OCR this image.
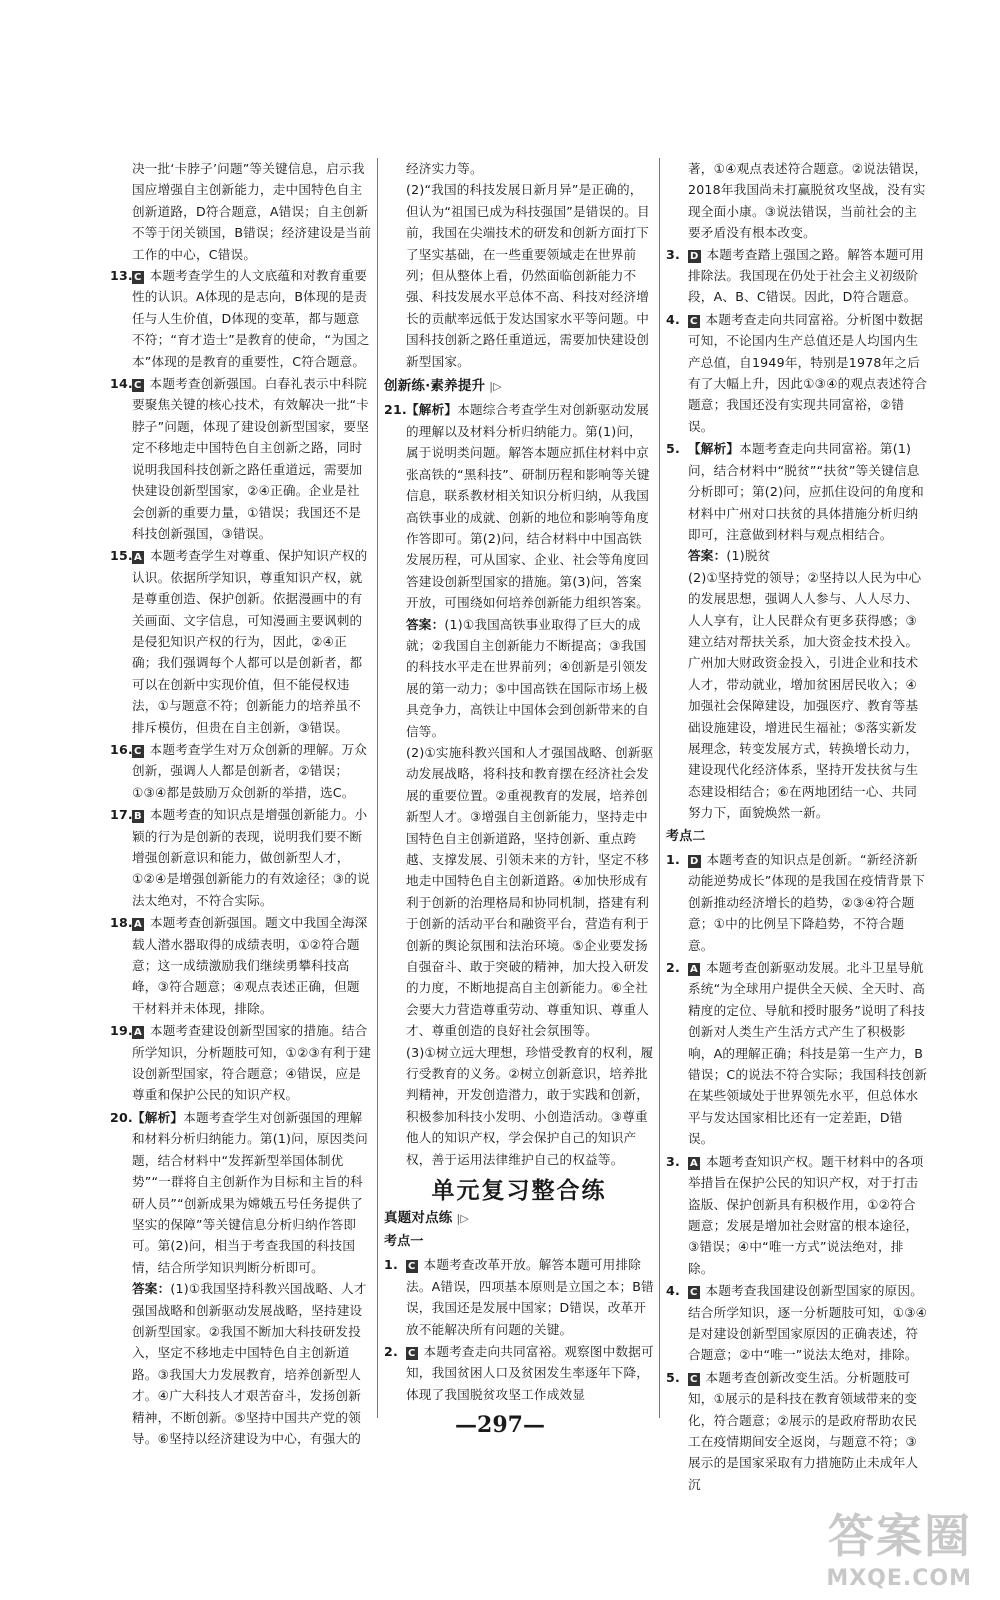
决一批‘卡脖子’问题”等关键信息，启示我国应增强自主创新能力，走中国特色自主创新道路，D符合题意，A错误；自主创新不等于闭关锁国，B错误；经济建设是当前工作的中心，C错误。
13. C 本题考查学生的人文底蕴和对教育重要性的认识。A体现的是志向，B体现的是责任与人生价值，D体现的变革，都与题意不符；“育才造士”是教育的使命，“为国之本”体现的是教育的重要性，C符合题意。
14. C 本题考查创新强国。白春礼表示中科院要聚焦关键的核心技术，有效解决一批“卡脖子”问题，体现了建设创新型国家，要坚定不移地走中国特色自主创新之路，同时说明我国科技创新之路任重道远，需要加快建设创新型国家，②④正确。企业是社会创新的重要力量，①错误；我国还不是科技创新强国，③错误。
15. A 本题考查学生对尊重、保护知识产权的认识。依据所学知识，尊重知识产权，就是尊重创造、保护创新。依据漫画中的有关画面、文字信息，可知漫画主要讽刺的是侵犯知识产权的行为，因此，②④正确；我们强调每个人都可以是创新者，都可以在创新中实现价值，但不能侵权违法，①与题意不符；创新能力的培养虽不排斥模仿，但贵在自主创新，③错误。
16. C 本题考查学生对万众创新的理解。万众创新，强调人人都是创新者，②错误；①③④都是鼓励万众创新的举措，选C。
17. B 本题考查的知识点是增强创新能力。小颖的行为是创新的表现，说明我们要不断增强创新意识和能力，做创新型人才，①②④是增强创新能力的有效途径；③的说法太绝对，不符合实际。
18. A 本题考查创新强国。题文中我国全海深载人潜水器取得的成绩表明，①②符合题意；这一成绩激励我们继续勇攀科技高峰，③符合题意；④观点表述正确，但题干材料并未体现，排除。
19. A 本题考查建设创新型国家的措施。结合所学知识，分析题肢可知，①②③有利于建设创新型国家，符合题意；④错误，应是尊重和保护公民的知识产权。
20. 【解析】本题考查学生对创新强国的理解和材料分析归纳能力。第(1)问，原因类问题，结合材料中“发挥新型举国体制优势”“一群将自主创新作为目标和主旨的科研人员”“创新成果为嫦娥五号任务提供了坚实的保障”等关键信息分析归纳作答即可。第(2)问，相当于考查我国的科技国情，结合所学知识判断分析即可。
答案：(1)①我国坚持科教兴国战略、人才强国战略和创新驱动发展战略，坚持建设创新型国家。②我国不断加大科技研发投入，坚定不移地走中国特色自主创新道路。③我国大力发展教育，培养创新型人才。④广大科技人才艰苦奋斗，发扬创新精神，不断创新。⑤坚持中国共产党的领导。⑥坚持以经济建设为中心，有强大的
经济实力等。
(2)“我国的科技发展日新月异”是正确的，但认为“祖国已成为科技强国”是错误的。目前，我国在尖端技术的研发和创新方面打下了坚实基础，在一些重要领域走在世界前列；但从整体上看，仍然面临创新能力不强、科技发展水平总体不高、科技对经济增长的贡献率远低于发达国家水平等问题。中国科技创新之路任重道远，需要加快建设创新型国家。
创新练·素养提升 |▷
21. 【解析】本题综合考查学生对创新驱动发展的理解以及材料分析归纳能力。第(1)问，属于说明类问题。解答本题应抓住材料中京张高铁的“黑科技”、研制历程和影响等关键信息，联系教材相关知识分析归纳，从我国高铁事业的成就、创新的地位和影响等角度作答即可。第(2)问，结合材料中中国高铁发展历程，可从国家、企业、社会等角度回答建设创新型国家的措施。第(3)问，答案开放，可围绕如何培养创新能力组织答案。
答案：(1)①我国高铁事业取得了巨大的成就；②我国自主创新能力不断提高；③我国的科技水平走在世界前列；④创新是引领发展的第一动力；⑤中国高铁在国际市场上极具竞争力，高铁让中国体会到创新带来的自信等。
(2)①实施科教兴国和人才强国战略、创新驱动发展战略，将科技和教育摆在经济社会发展的重要位置。②重视教育的发展，培养创新型人才。③增强自主创新能力，坚持走中国特色自主创新道路，坚持创新、重点跨越、支撑发展、引领未来的方针，坚定不移地走中国特色自主创新道路。④加快形成有利于创新的治理格局和协同机制，搭建有利于创新的活动平台和融资平台，营造有利于创新的舆论氛围和法治环境。⑤企业要发扬自强奋斗、敢于突破的精神，加大投入研发的力度，不断地提高自主创新能力。⑥全社会要大力营造尊重劳动、尊重知识、尊重人才、尊重创造的良好社会氛围等。
(3)①树立远大理想，珍惜受教育的权利，履行受教育的义务。②树立创新意识，培养批判精神，开发创造潜力，敢于实践和创新，积极参加科技小发明、小创造活动。③尊重他人的知识产权，学会保护自己的知识产权，善于运用法律维护自己的权益等。
单元复习整合练
真题对点练 |▷
考点一
1. C 本题考查改革开放。解答本题可用排除法。A错误，四项基本原则是立国之本；B错误，我国还是发展中国家；D错误，改革开放不能解决所有问题的关键。
2. C 本题考查走向共同富裕。观察图中数据可知，我国贫困人口及贫困发生率逐年下降，体现了我国脱贫攻坚工作成效显
著，①④观点表述符合题意。②说法错误，2018年我国尚未打赢脱贫攻坚战，没有实现全面小康。③说法错误，当前社会的主要矛盾没有根本改变。
3. D 本题考查踏上强国之路。解答本题可用排除法。我国现在仍处于社会主义初级阶段，A、B、C错误。因此，D符合题意。
4. C 本题考查走向共同富裕。分析图中数据可知，不论国内生产总值还是人均国内生产总值，自1949年，特别是1978年之后有了大幅上升，因此①③④的观点表述符合题意；我国还没有实现共同富裕，②错误。
5. 【解析】本题考查走向共同富裕。第(1)问，结合材料中“脱贫”“扶贫”等关键信息分析即可；第(2)问，应抓住设问的角度和材料中广州对口扶贫的具体措施分析归纳即可，注意做到材料与观点相结合。
答案：(1)脱贫
(2)①坚持党的领导；②坚持以人民为中心的发展思想，强调人人参与、人人尽力、人人享有，让人民群众有更多获得感；③建立结对帮扶关系，加大资金技术投入。广州加大财政资金投入，引进企业和技术人才，带动就业，增加贫困居民收入；④加强社会保障建设，加强医疗、教育等基础设施建设，增进民生福祉；⑤落实新发展理念，转变发展方式，转换增长动力，建设现代化经济体系，坚持开发扶贫与生态建设相结合；⑥在两地团结一心、共同努力下，面貌焕然一新。
考点二
1. D 本题考查的知识点是创新。“新经济新动能逆势成长”体现的是我国在疫情背景下创新推动经济增长的趋势，②③④符合题意；①中的比例呈下降趋势，不符合题意。
2. A 本题考查创新驱动发展。北斗卫星导航系统“为全球用户提供全天候、全天时、高精度的定位、导航和授时服务”说明了科技创新对人类生产生活方式产生了积极影响，A的理解正确；科技是第一生产力，B错误；C的说法不符合实际；我国科技创新在某些领域处于世界领先水平，但总体水平与发达国家相比还有一定差距，D错误。
3. A 本题考查知识产权。题干材料中的各项举措旨在保护公民的知识产权，对于打击盗版、保护创新具有积极作用，①②符合题意；发展是增加社会财富的根本途径，③错误；④中“唯一方式”说法绝对，排除。
4. C 本题考查我国建设创新型国家的原因。结合所学知识，逐一分析题肢可知，①③④是对建设创新型国家原因的正确表述，符合题意；②中“唯一”说法太绝对，排除。
5. C 本题考查创新改变生活。分析题肢可知，①展示的是科技在教育领域带来的变化，符合题意；②展示的是政府帮助农民工在疫情期间安全返岗，与题意不符；③展示的是国家采取有力措施防止未成年人沉
—297—
答案圈
MXQE.COM
